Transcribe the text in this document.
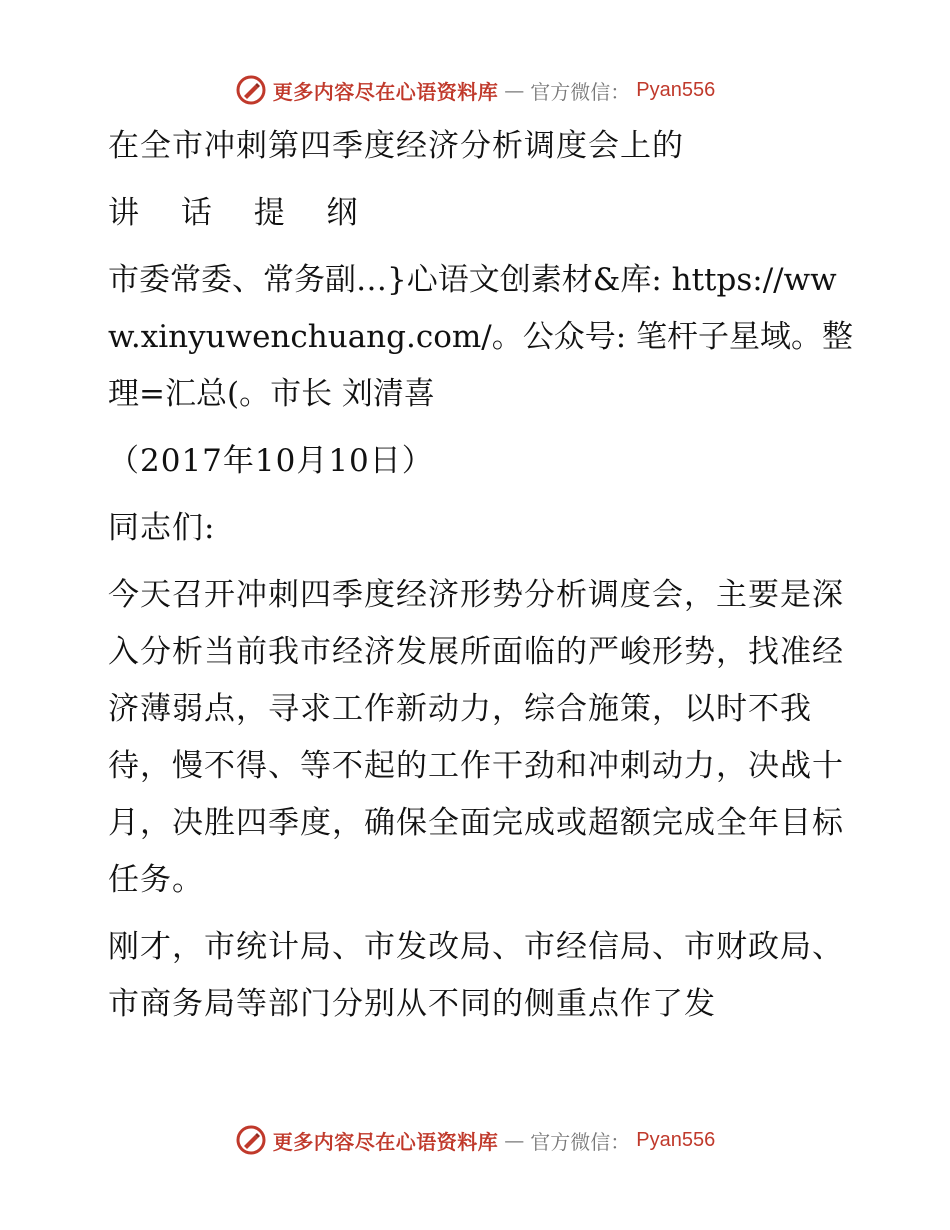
更多内容尽在心语资料库 — 官方微信： Pyan556

在全市冲刺第四季度经济分析调度会上的

讲 话 提 纲

市委常委、常务副…}心语文创素材&库: https://www.xinyuwenchuang.com/。公众号: 笔杆子星域。整理=汇总(。市长 刘清喜

（2017年10月10日）

同志们:

今天召开冲刺四季度经济形势分析调度会，主要是深入分析当前我市经济发展所面临的严峻形势，找准经济薄弱点，寻求工作新动力，综合施策，以时不我待，慢不得、等不起的工作干劲和冲刺动力，决战十月，决胜四季度，确保全面完成或超额完成全年目标任务。

刚才，市统计局、市发改局、市经信局、市财政局、市商务局等部门分别从不同的侧重点作了发

更多内容尽在心语资料库 — 官方微信： Pyan556
